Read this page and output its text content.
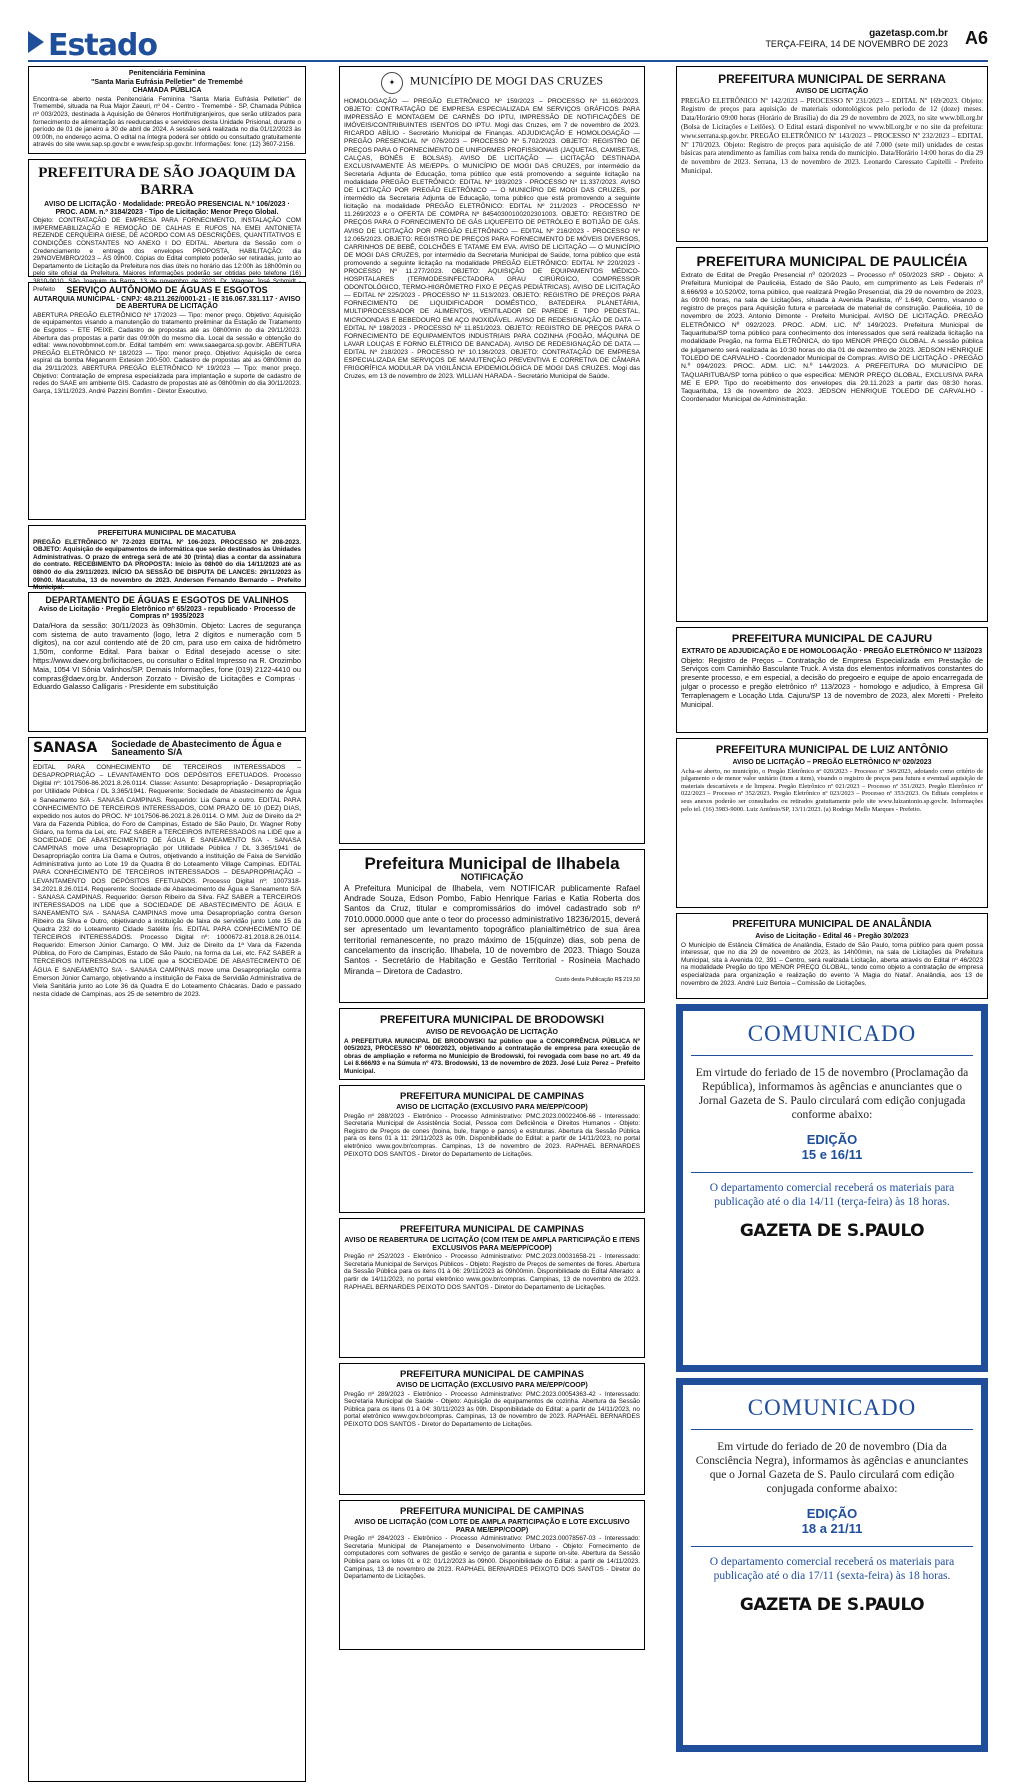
Estado	gazetasp.com.br
TERÇA-FEIRA, 14 DE NOVEMBRO DE 2023 A6
Penitenciária Feminina
"Santa Maria Eufrásia Pelletier" de Tremembé
CHAMADA PÚBLICA
Encontra-se aberto nesta Penitenciária Feminina "Santa Maria Eufrásia Pelletier" de Tremembé, situada na Rua Major Zaeuri, nº 04 - Centro - Tremembé - SP, Chamada Pública nº 003/2023, destinada à Aquisição de Gêneros Hortifrutigranjeiros, que serão utilizados para fornecimento de alimentação às reeducandas e servidores desta Unidade Prisional, durante o período de 01 de janeiro a 30 de abril de 2024. A sessão será realizada no dia 01/12/2023 às 09:00h, no endereço acima. O edital na íntegra poderá ser obtido ou consultado gratuitamente através do site www.sap.sp.gov.br e www.fesp.sp.gov.br. Informações: fone: (12) 3607-2156.
PREFEITURA DE SÃO JOAQUIM DA BARRA
AVISO DE LICITAÇÃO · Modalidade: PREGÃO PRESENCIAL N.º 106/2023 · PROC. ADM. n.º 3184/2023 · Tipo de Licitação: Menor Preço Global.
Objeto: CONTRATAÇÃO DE EMPRESA PARA FORNECIMENTO, INSTALAÇÃO COM IMPERMEABILIZAÇÃO E REMOÇÃO DE CALHAS E RUFOS NA EMEI ANTONIETA REZENDE CERQUEIRA GIESE, DE ACORDO COM AS DESCRIÇÕES, QUANTITATIVOS E CONDIÇÕES CONSTANTES NO ANEXO I DO EDITAL. Abertura da Sessão com o Credenciamento e entrega dos envelopes PROPOSTA, HABILITAÇÃO: dia 29/NOVEMBRO/2023 – ÀS 09h00. Cópias do Edital completo poderão ser retiradas, junto ao Departamento de Licitação da Prefeitura nos dias úteis no horário das 12:00h às 18h00min ou pelo site oficial da Prefeitura. Maiores informações poderão ser obtidas pelo telefone (16) 3810-9010. São Joaquim da Barra, 13 de novembro de 2023. Dr. Wagner José Schmidt - Prefeito	SERVIÇO AUTÔNOMO DE ÁGUAS E ESGOTOS
AUTARQUIA MUNICIPAL · CNPJ: 48.211.262/0001-21 - IE 316.067.331.117 · AVISO DE ABERTURA DE LICITAÇÃO
ABERTURA PREGÃO ELETRÔNICO Nº 17/2023 — Tipo: menor preço. Objetivo: Aquisição de equipamentos visando a manutenção do tratamento preliminar da Estação de Tratamento de Esgotos – ETE PEIXE. Cadastro de propostas até as 08h00min do dia 29/11/2023. Abertura das propostas a partir das 09:00h do mesmo dia. Local da sessão e obtenção do edital: www.novobbmnet.com.br. Edital também em: www.saaegarca.sp.gov.br. ABERTURA PREGÃO ELETRÔNICO Nº 18/2023 — Tipo: menor preço. Objetivo: Aquisição de cerca espiral da bomba Meganorm Extesion 200-500. Cadastro de propostas até as 08h00min do dia 29/11/2023. ABERTURA PREGÃO ELETRÔNICO Nº 19/2023 — Tipo: menor preço. Objetivo: Contratação de empresa especializada para implantação e suporte de cadastro de redes do SAAE em ambiente GIS. Cadastro de propostas até as 08h00min do dia 30/11/2023. Garça, 13/11/2023. André Pazzini Bomfim - Diretor Executivo.
PREFEITURA MUNICIPAL DE MACATUBA
PREGÃO ELETRÔNICO Nº 72-2023 EDITAL Nº 106-2023. PROCESSO Nº 208-2023. OBJETO: Aquisição de equipamentos de informática que serão destinados às Unidades Administrativas. O prazo de entrega será de até 30 (trinta) dias a contar da assinatura do contrato. RECEBIMENTO DA PROPOSTA: Início às 08h00 do dia 14/11/2023 até as 08h00 do dia 29/11/2023. INÍCIO DA SESSÃO DE DISPUTA DE LANCES: 29/11/2023 às 09h00. Macatuba, 13 de novembro de 2023. Anderson Fernando Bernardo – Prefeito Municipal.
DEPARTAMENTO DE ÁGUAS E ESGOTOS DE VALINHOS
Aviso de Licitação · Pregão Eletrônico nº 65/2023 - republicado · Processo de Compras nº 1935/2023
Data/Hora da sessão: 30/11/2023 às 09h30min. Objeto: Lacres de segurança com sistema de auto travamento (logo, letra 2 dígitos e numeração com 5 dígitos), na cor azul contendo até de 20 cm, para uso em caixa de hidrômetro 1,50m, conforme Edital. Para baixar o Edital desejado acesse o site: https://www.daev.org.br/licitacoes, ou consultar o Edital Impresso na R. Orozimbo Maia, 1054 VI Sônia Valinhos/SP. Demais Informações, fone (019) 2122-4410 ou compras@daev.org.br. Anderson Zorzato - Divisão de Licitações e Compras · Eduardo Galasso Calligaris - Presidente em substituição
SANASA Sociedade de Abastecimento de Água e Saneamento S/A
EDITAL PARA CONHECIMENTO DE TERCEIROS INTERESSADOS – DESAPROPRIAÇÃO – LEVANTAMENTO DOS DEPÓSITOS EFETUADOS. Processo Digital nº: 1017506-86.2021.8.26.0114. Classe: Assunto: Desapropriação - Desapropriação por Utilidade Pública / DL 3.365/1941. Requerente: Sociedade de Abastecimento de Água e Saneamento S/A - SANASA CAMPINAS. Requerido: Lia Gama e outro. EDITAL PARA CONHECIMENTO DE TERCEIROS INTERESSADOS, COM PRAZO DE 10 (DEZ) DIAS, expedido nos autos do PROC. Nº 1017506-86.2021.8.26.0114. O MM. Juiz de Direito da 2ª Vara da Fazenda Pública, do Foro de Campinas, Estado de São Paulo, Dr. Wagner Roby Gidaro, na forma da Lei, etc. FAZ SABER a TERCEIROS INTERESSADOS na LIDE que a SOCIEDADE DE ABASTECIMENTO DE ÁGUA E SANEAMENTO S/A - SANASA CAMPINAS move uma Desapropriação por Utilidade Pública / DL 3.365/1941 de Desapropriação contra Lia Gama e Outros, objetivando a instituição de Faixa de Servidão Administrativa junto ao Lote 19 da Quadra B do Loteamento Village Campinas. EDITAL PARA CONHECIMENTO DE TERCEIROS INTERESSADOS – DESAPROPRIAÇÃO – LEVANTAMENTO DOS DEPÓSITOS EFETUADOS. Processo Digital nº: 1007318-34.2021.8.26.0114. Requerente: Sociedade de Abastecimento de Água e Saneamento S/A - SANASA CAMPINAS. Requerido: Gerson Ribeiro da Silva. FAZ SABER a TERCEIROS INTERESSADOS na LIDE que a SOCIEDADE DE ABASTECIMENTO DE ÁGUA E SANEAMENTO S/A - SANASA CAMPINAS move uma Desapropriação contra Gerson Ribeiro da Silva e Outro, objetivando a instituição de faixa de servidão junto Lote 15 da Quadra 232 do Loteamento Cidade Satélite Íris. EDITAL PARA CONHECIMENTO DE TERCEIROS INTERESSADOS. Processo Digital nº: 1000672-81.2018.8.26.0114. Requerido: Emerson Júnior Camargo. O MM. Juiz de Direito da 1ª Vara da Fazenda Pública, do Foro de Campinas, Estado de São Paulo, na forma da Lei, etc. FAZ SABER a TERCEIROS INTERESSADOS na LIDE que a SOCIEDADE DE ABASTECIMENTO DE ÁGUA E SANEAMENTO S/A - SANASA CAMPINAS move uma Desapropriação contra Emerson Júnior Camargo, objetivando a instituição de Faixa de Servidão Administrativa de Viela Sanitária junto ao Lote 36 da Quadra E do Loteamento Chácaras. Dado e passado nesta cidade de Campinas, aos 25 de setembro de 2023.
✦ MUNICÍPIO DE MOGI DAS CRUZES
HOMOLOGAÇÃO — PREGÃO ELETRÔNICO Nº 159/2023 – PROCESSO Nº 11.662/2023. OBJETO: CONTRATAÇÃO DE EMPRESA ESPECIALIZADA EM SERVIÇOS GRÁFICOS PARA IMPRESSÃO E MONTAGEM DE CARNÊS DO IPTU, IMPRESSÃO DE NOTIFICAÇÕES DE IMÓVEIS/CONTRIBUINTES ISENTOS DO IPTU. Mogi das Cruzes, em 7 de novembro de 2023. RICARDO ABÍLIO - Secretário Municipal de Finanças. ADJUDICAÇÃO E HOMOLOGAÇÃO — PREGÃO PRESENCIAL Nº 076/2023 – PROCESSO Nº 5.702/2023. OBJETO: REGISTRO DE PREÇOS PARA O FORNECIMENTO DE UNIFORMES PROFISSIONAIS (JAQUETAS, CAMISETAS, CALÇAS, BONÉS E BOLSAS). AVISO DE LICITAÇÃO — LICITAÇÃO DESTINADA EXCLUSIVAMENTE ÀS ME/EPPs. O MUNICÍPIO DE MOGI DAS CRUZES, por intermédio da Secretaria Adjunta de Educação, torna público que está promovendo a seguinte licitação na modalidade PREGÃO ELETRÔNICO: EDITAL Nº 193/2023 - PROCESSO Nº 11.337/2023. AVISO DE LICITAÇÃO POR PREGÃO ELETRÔNICO — O MUNICÍPIO DE MOGI DAS CRUZES, por intermédio da Secretaria Adjunta de Educação, torna público que está promovendo a seguinte licitação na modalidade PREGÃO ELETRÔNICO: EDITAL Nº 211/2023 - PROCESSO Nº 11.269/2023 e o OFERTA DE COMPRA Nº 84540300100202301003. OBJETO: REGISTRO DE PREÇOS PARA O FORNECIMENTO DE GÁS LIQUEFEITO DE PETRÓLEO E BOTIJÃO DE GÁS. AVISO DE LICITAÇÃO POR PREGÃO ELETRÔNICO — EDITAL Nº 216/2023 - PROCESSO Nº 12.065/2023. OBJETO: REGISTRO DE PREÇOS PARA FORNECIMENTO DE MÓVEIS DIVERSOS, CARRINHOS DE BEBÊ, COLCHÕES E TATAME EM EVA. AVISO DE LICITAÇÃO — O MUNICÍPIO DE MOGI DAS CRUZES, por intermédio da Secretaria Municipal de Saúde, torna público que está promovendo a seguinte licitação na modalidade PREGÃO ELETRÔNICO: EDITAL Nº 220/2023 - PROCESSO Nº 11.277/2023. OBJETO: AQUISIÇÃO DE EQUIPAMENTOS MÉDICO-HOSPITALARES (TERMODESINFECTADORA GRAU CIRÚRGICO, COMPRESSOR ODONTOLÓGICO, TERMO-HIGRÔMETRO FIXO E PEÇAS PEDIÁTRICAS). AVISO DE LICITAÇÃO — EDITAL Nº 225/2023 - PROCESSO Nº 11.513/2023. OBJETO: REGISTRO DE PREÇOS PARA FORNECIMENTO DE LIQUIDIFICADOR DOMÉSTICO, BATEDEIRA PLANETÁRIA, MULTIPROCESSADOR DE ALIMENTOS, VENTILADOR DE PAREDE E TIPO PEDESTAL, MICROONDAS E BEBEDOURO EM AÇO INOXIDÁVEL. AVISO DE REDESIGNAÇÃO DE DATA — EDITAL Nº 198/2023 - PROCESSO Nº 11.851/2023. OBJETO: REGISTRO DE PREÇOS PARA O FORNECIMENTO DE EQUIPAMENTOS INDUSTRIAIS PARA COZINHA (FOGÃO, MÁQUINA DE LAVAR LOUÇAS E FORNO ELÉTRICO DE BANCADA). AVISO DE REDESIGNAÇÃO DE DATA — EDITAL Nº 218/2023 - PROCESSO Nº 10.136/2023. OBJETO: CONTRATAÇÃO DE EMPRESA ESPECIALIZADA EM SERVIÇOS DE MANUTENÇÃO PREVENTIVA E CORRETIVA DE CÂMARA FRIGORÍFICA MODULAR DA VIGILÂNCIA EPIDEMIOLÓGICA DE MOGI DAS CRUZES. Mogi das Cruzes, em 13 de novembro de 2023. WILLIAN HARADA - Secretário Municipal de Saúde.
Prefeitura Municipal de Ilhabela
NOTIFICAÇÃO
A Prefeitura Municipal de Ilhabela, vem NOTIFICAR publicamente Rafael Andrade Souza, Edson Pombo, Fabio Henrique Farias e Katia Roberta dos Santos da Cruz, titular e compromissários do imóvel cadastrado sob nº 7010.0000.0000 que ante o teor do processo administrativo 18236/2015, deverá ser apresentado um levantamento topográfico planialtimétrico de sua área territorial remanescente, no prazo máximo de 15(quinze) dias, sob pena de cancelamento da inscrição. Ilhabela, 10 de novembro de 2023. Thiago Souza Santos - Secretário de Habitação e Gestão Territorial - Rosineia Machado Miranda – Diretora de Cadastro.
Custo desta Publicação R$ 219,50
PREFEITURA MUNICIPAL DE BRODOWSKI
AVISO DE REVOGAÇÃO DE LICITAÇÃO
A PREFEITURA MUNICIPAL DE BRODOWSKI faz público que a CONCORRÊNCIA PÚBLICA Nº 005/2023, PROCESSO Nº 0600/2023, objetivando a contratação de empresa para execução de obras de ampliação e reforma no Município de Brodowski, foi revogada com base no art. 49 da Lei 8.666/93 e na Súmula nº 473. Brodowski, 13 de novembro de 2023. José Luiz Perez – Prefeito Municipal.
PREFEITURA MUNICIPAL DE CAMPINAS
AVISO DE LICITAÇÃO (EXCLUSIVO PARA ME/EPP/COOP)
Pregão nº 288/2023 - Eletrônico - Processo Administrativo: PMC.2023.00022406-66 - Interessado: Secretaria Municipal de Assistência Social, Pessoa com Deficiência e Direitos Humanos - Objeto: Registro de Preços de cones (boina, bule, frango e panos) e estruturas. Abertura da Sessão Pública para os itens 01 à 11: 29/11/2023 às 09h. Disponibilidade do Edital: a partir de 14/11/2023, no portal eletrônico www.gov.br/compras. Campinas, 13 de novembro de 2023. RAPHAEL BERNARDES PEIXOTO DOS SANTOS - Diretor do Departamento de Licitações.
PREFEITURA MUNICIPAL DE CAMPINAS
AVISO DE REABERTURA DE LICITAÇÃO (COM ITEM DE AMPLA PARTICIPAÇÃO E ITENS EXCLUSIVOS PARA ME/EPP/COOP)
Pregão nº 252/2023 - Eletrônico - Processo Administrativo: PMC.2023.00031658-21 - Interessado: Secretaria Municipal de Serviços Públicos - Objeto: Registro de Preços de sementes de flores. Abertura da Sessão Pública para os itens 01 à 06: 29/11/2023 às 09h00min. Disponibilidade do Edital Alterado: a partir de 14/11/2023, no portal eletrônico www.gov.br/compras. Campinas, 13 de novembro de 2023. RAPHAEL BERNARDES PEIXOTO DOS SANTOS - Diretor do Departamento de Licitações.
PREFEITURA MUNICIPAL DE CAMPINAS
AVISO DE LICITAÇÃO (EXCLUSIVO PARA ME/EPP/COOP)
Pregão nº 289/2023 - Eletrônico - Processo Administrativo: PMC.2023.00054363-42 - Interessado: Secretaria Municipal de Saúde - Objeto: Aquisição de equipamentos de cozinha. Abertura da Sessão Pública para os itens 01 à 04: 30/11/2023 às 09h. Disponibilidade do Edital: a partir de 14/11/2023, no portal eletrônico www.gov.br/compras. Campinas, 13 de novembro de 2023. RAPHAEL BERNARDES PEIXOTO DOS SANTOS - Diretor do Departamento de Licitações.
PREFEITURA MUNICIPAL DE CAMPINAS
AVISO DE LICITAÇÃO (COM LOTE DE AMPLA PARTICIPAÇÃO E LOTE EXCLUSIVO PARA ME/EPP/COOP)
Pregão nº 284/2023 - Eletrônico - Processo Administrativo: PMC.2023.00078567-03 - Interessado: Secretaria Municipal de Planejamento e Desenvolvimento Urbano - Objeto: Fornecimento de computadores com softwares de gestão e serviço de garantia e suporte on-site. Abertura da Sessão Pública para os lotes 01 e 02: 01/12/2023 às 09h00. Disponibilidade do Edital: a partir de 14/11/2023. Campinas, 13 de novembro de 2023. RAPHAEL BERNARDES PEIXOTO DOS SANTOS - Diretor do Departamento de Licitações.
PREFEITURA MUNICIPAL DE SERRANA
AVISO DE LICITAÇÃO
PREGÃO ELETRÔNICO Nº 142/2023 – PROCESSO Nº 231/2023 – EDITAL Nº 169/2023. Objeto: Registro de preços para aquisição de materiais odontológicos pelo período de 12 (doze) meses. Data/Horário 09:00 horas (Horário de Brasília) do dia 29 de novembro de 2023, no site www.bll.org.br (Bolsa de Licitações e Leilões). O Edital estará disponível no www.bll.org.br e no site da prefeitura: www.serrana.sp.gov.br. PREGÃO ELETRÔNICO Nº 143/2023 – PROCESSO Nº 232/2023 – EDITAL Nº 170/2023. Objeto: Registro de preços para aquisição de até 7.000 (sete mil) unidades de cestas básicas para atendimento as famílias com baixa renda do município. Data/Horário 14:00 horas do dia 29 de novembro de 2023. Serrana, 13 de novembro de 2023. Leonardo Caressato Capitelli - Prefeito Municipal.
PREFEITURA MUNICIPAL DE PAULICÉIA
Extrato de Edital de Pregão Presencial nº 020/2023 – Processo nº 050/2023 SRP - Objeto: A Prefeitura Municipal de Paulicéia, Estado de São Paulo, em cumprimento as Leis Federais nº 8.666/93 e 10.520/02, torna público, que realizará Pregão Presencial, dia 29 de novembro de 2023, às 09:00 horas, na sala de Licitações, situada à Avenida Paulista, nº 1.649, Centro, visando o registro de preços para Aquisição futura e parcelada de material de construção. Paulicéia, 10 de novembro de 2023. Antonio Dimonte - Prefeito Municipal. AVISO DE LICITAÇÃO. PREGÃO ELETRÔNICO Nº 092/2023. PROC. ADM. LIC. Nº 149/2023. Prefeitura Municipal de Taquarituba/SP torna público para conhecimento dos interessados que será realizada licitação na modalidade Pregão, na forma ELETRÔNICA, do tipo MENOR PREÇO GLOBAL. A sessão pública de julgamento será realizada às 10:30 horas do dia 01 de dezembro de 2023. JEDSON HENRIQUE TOLEDO DE CARVALHO - Coordenador Municipal de Compras. AVISO DE LICITAÇÃO - PREGÃO N.º 094/2023. PROC. ADM. LIC. N.º 144/2023. A PREFEITURA DO MUNICÍPIO DE TAQUARITUBA/SP torna público o que especifica: MENOR PREÇO GLOBAL, EXCLUSIVA PARA ME E EPP. Tipo do recebimento dos envelopes dia 29.11.2023 a partir das 08:30 horas. Taquarituba, 13 de novembro de 2023. JEDSON HENRIQUE TOLEDO DE CARVALHO - Coordenador Municipal de Administração.
PREFEITURA MUNICIPAL DE CAJURU
EXTRATO DE ADJUDICAÇÃO E DE HOMOLOGAÇÃO · PREGÃO ELETRÔNICO Nº 113/2023
Objeto: Registro de Preços – Contratação de Empresa Especializada em Prestação de Serviços com Caminhão Basculante Truck. A vista dos elementos informativos constantes do presente processo, e em especial, a decisão do pregoeiro e equipe de apoio encarregada de julgar o processo e pregão eletrônico nº 113/2023 - homologo e adjudico, à Empresa Gil Terraplenagem e Locação Ltda. Cajuru/SP 13 de novembro de 2023, alex Moretti - Prefeito Municipal.
PREFEITURA MUNICIPAL DE LUIZ ANTÔNIO
AVISO DE LICITAÇÃO – PREGÃO ELETRÔNICO Nº 020/2023
Acha-se aberto, no município, o Pregão Eletrônico nº 020/2023 - Processo nº 349/2023, adotando como critério de julgamento o de menor valor unitário (item a item), visando o registro de preços para futura e eventual aquisição de materiais descartáveis e de limpeza. Pregão Eletrônico nº 021/2023 – Processo nº 351/2023. Pregão Eletrônico nº 022/2023 – Processo nº 352/2023. Pregão Eletrônico nº 023/2023 – Processo nº 353/2023. Os Editais completos e seus anexos poderão ser consultados ou retirados gratuitamente pelo site www.luizantonio.sp.gov.br. Informações pelo tel. (16) 3983-9000. Luiz Antônio/SP, 13/11/2023. (a) Rodrigo Mello Marques - Prefeito.
PREFEITURA MUNICIPAL DE ANALÂNDIA
Aviso de Licitação - Edital 46 - Pregão 30/2023
O Município de Estância Climática de Analândia, Estado de São Paulo, torna público para quem possa interessar, que no dia 29 de novembro de 2023, às 14h00min, na sala de Licitações da Prefeitura Municipal, sita à Avenida 02, 391 – Centro, será realizada Licitação, aberta através do Edital nº 46/2023 na modalidade Pregão do tipo MENOR PREÇO GLOBAL, tendo como objeto a contratação de empresa especializada para organização e realização do evento 'A Magia do Natal'. Analândia, aos 13 de novembro de 2023. André Luiz Bertoia – Comissão de Licitações.
COMUNICADO
Em virtude do feriado de 15 de novembro (Proclamação da República), informamos às agências e anunciantes que o Jornal Gazeta de S. Paulo circulará com edição conjugada conforme abaixo:
EDIÇÃO
15 e 16/11
O departamento comercial receberá os materiais para publicação até o dia 14/11 (terça-feira) às 18 horas.
GAZETA DE S.PAULO
COMUNICADO
Em virtude do feriado de 20 de novembro (Dia da Consciência Negra), informamos às agências e anunciantes que o Jornal Gazeta de S. Paulo circulará com edição conjugada conforme abaixo:
EDIÇÃO
18 a 21/11
O departamento comercial receberá os materiais para publicação até o dia 17/11 (sexta-feira) às 18 horas.
GAZETA DE S.PAULO
